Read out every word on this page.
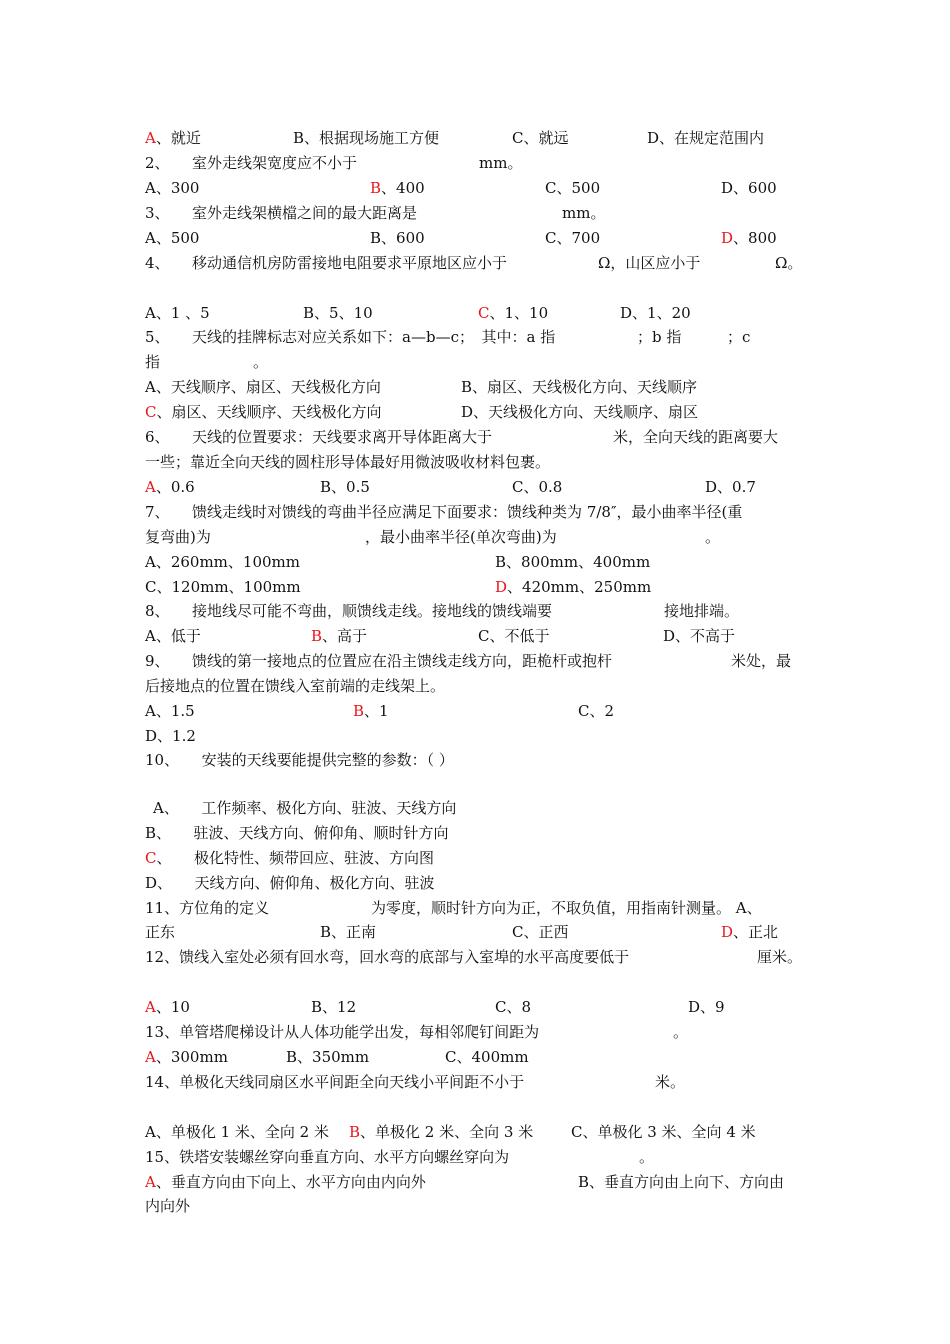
A、就近	B、根据现场施工方便	C、就远	D、在规定范围内
2、　　室外走线架宽度应不小于	mm。
A、300	B、400	C、500	D、600
3、　　室外走线架横檔之间的最大距离是	mm。
A、500	B、600	C、700	D、800
4、　　移动通信机房防雷接地电阻要求平原地区应小于	Ω，山区应小于	Ω。
A、1 、5	B、5、10	C、1、10	D、1、20
5、　　天线的挂牌标志对应关系如下：a—b—c；　其中：a 指	；b 指	；c
指	。
A、天线顺序、扇区、天线极化方向	B、扇区、天线极化方向、天线顺序
C、扇区、天线顺序、天线极化方向	D、天线极化方向、天线顺序、扇区
6、　　天线的位置要求：天线要求离开导体距离大于	米，全向天线的距离要大
一些；靠近全向天线的圆柱形导体最好用微波吸收材料包裹。
A、0.6	B、0.5	C、0.8	D、0.7
7、　　馈线走线时对馈线的弯曲半径应满足下面要求：馈线种类为 7/8″，最小曲率半径(重
复弯曲)为	，最小曲率半径(单次弯曲)为	。
A、260mm、100mm	B、800mm、400mm
C、120mm、100mm	D、420mm、250mm
8、　　接地线尽可能不弯曲，顺馈线走线。接地线的馈线端要	接地排端。
A、低于	B、高于	C、不低于	D、不高于
9、　　馈线的第一接地点的位置应在沿主馈线走线方向，距桅杆或抱杆	米处，最
后接地点的位置在馈线入室前端的走线架上。
A、1.5	B、1	C、2
D、1.2
10、　　安装的天线要能提供完整的参数：（ ）
A、　　工作频率、极化方向、驻波、天线方向
B、　　驻波、天线方向、俯仰角、顺时针方向
C、　　极化特性、频带回应、驻波、方向图
D、　　天线方向、俯仰角、极化方向、驻波
11、方位角的定义	为零度，顺时针方向为正，不取负值，用指南针测量。 A、
正东	B、正南	C、正西	D、正北
12、馈线入室处必须有回水弯，回水弯的底部与入室埠的水平高度要低于	厘米。
A、10	B、12	C、8	D、9
13、单管塔爬梯设计从人体功能学出发，每相邻爬钉间距为	。
A、300mm	B、350mm	C、400mm
14、单极化天线同扇区水平间距全向天线小平间距不小于	米。
A、单极化 1 米、全向 2 米 B、单极化 2 米、全向 3 米	C、单极化 3 米、全向 4 米
15、铁塔安装螺丝穿向垂直方向、水平方向螺丝穿向为	。
A、垂直方向由下向上、水平方向由内向外	B、垂直方向由上向下、方向由
内向外
